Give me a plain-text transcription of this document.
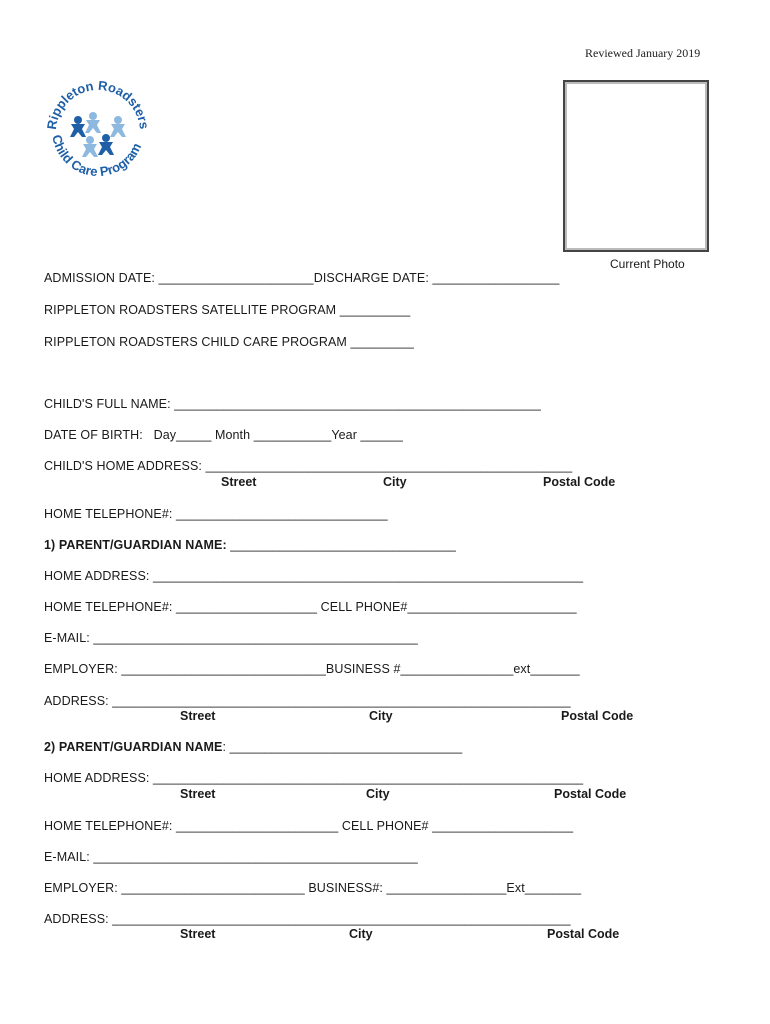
Reviewed January 2019
Rippleton Roadsters
Child Care Program
Current Photo
ADMISSION DATE: ______________________DISCHARGE DATE: __________________
RIPPLETON ROADSTERS SATELLITE PROGRAM __________
RIPPLETON ROADSTERS CHILD CARE PROGRAM _________
CHILD'S FULL NAME: ____________________________________________________
DATE OF BIRTH:   Day_____ Month ___________Year ______
CHILD'S HOME ADDRESS: ____________________________________________________
Street	City	Postal Code
HOME TELEPHONE#: ______________________________
1) PARENT/GUARDIAN NAME: ________________________________
HOME ADDRESS: _____________________________________________________________
HOME TELEPHONE#: ____________________ CELL PHONE#________________________
E-MAIL: ______________________________________________
EMPLOYER: _____________________________BUSINESS #________________ext_______
ADDRESS: _________________________________________________________________
Street	City	Postal Code
2) PARENT/GUARDIAN NAME: _________________________________
HOME ADDRESS: _____________________________________________________________
Street	City	Postal Code
HOME TELEPHONE#: _______________________ CELL PHONE# ____________________
E-MAIL: ______________________________________________
EMPLOYER: __________________________ BUSINESS#: _________________Ext________
ADDRESS: _________________________________________________________________
Street	City	Postal Code
